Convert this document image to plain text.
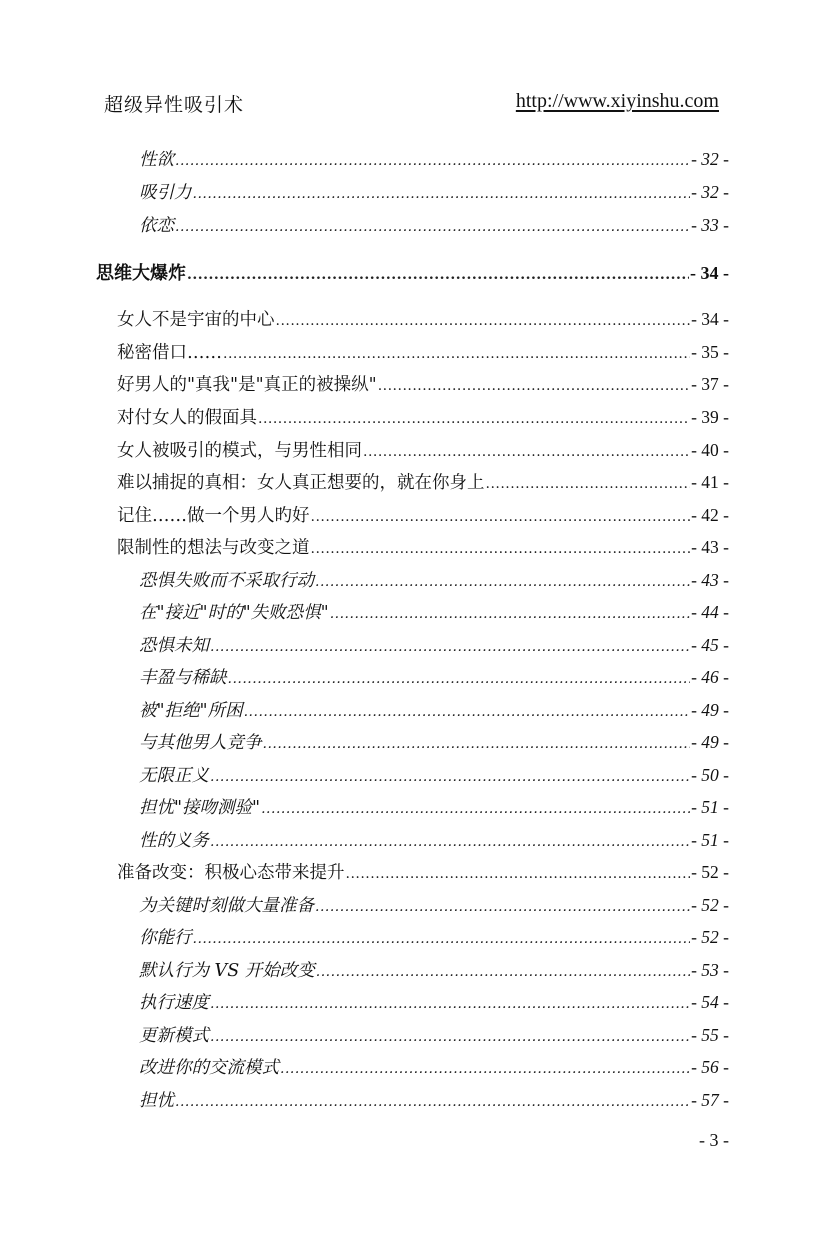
超级异性吸引术	http://www.xiyinshu.com
性欲 .....	- 32 -
吸引力 .....	- 32 -
依恋 .....	- 33 -
思维大爆炸 .....	- 34 -
女人不是宇宙的中心 .....	- 34 -
秘密借口…… .....	- 35 -
好男人的"真我"是"真正的被操纵" .....	- 37 -
对付女人的假面具 .....	- 39 -
女人被吸引的模式，与男性相同 .....	- 40 -
难以捕捉的真相：女人真正想要的，就在你身上 .....	- 41 -
记住……做一个男人旳好 .....	- 42 -
限制性的想法与改变之道 .....	- 43 -
恐惧失败而不采取行动 .....	- 43 -
在"接近"时的"失败恐惧" .....	- 44 -
恐惧未知 .....	- 45 -
丰盈与稀缺 .....	- 46 -
被"拒绝"所困 .....	- 49 -
与其他男人竞争 .....	- 49 -
无限正义 .....	- 50 -
担忧"接吻测验" .....	- 51 -
性的义务 .....	- 51 -
准备改变：积极心态带来提升 .....	- 52 -
为关键时刻做大量准备 .....	- 52 -
你能行 .....	- 52 -
默认行为 VS 开始改变 .....	- 53 -
执行速度 .....	- 54 -
更新模式 .....	- 55 -
改进你的交流模式 .....	- 56 -
担忧 .....	- 57 -
- 3 -
